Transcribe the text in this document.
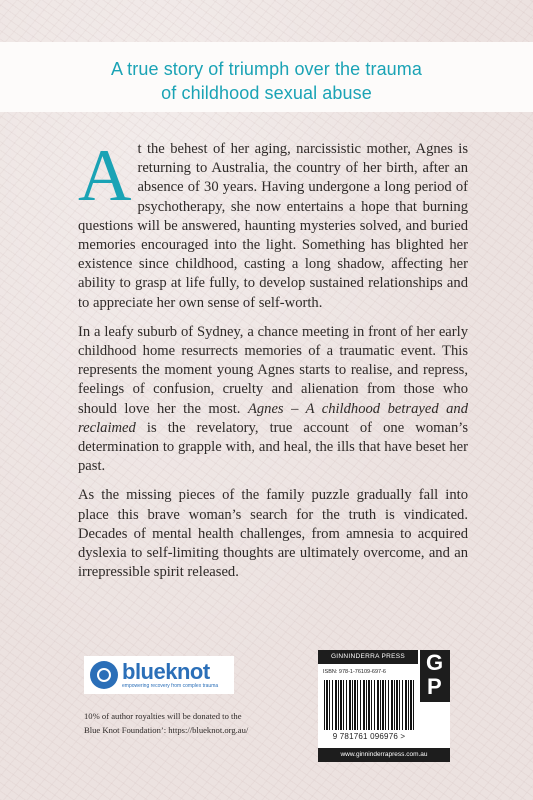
A true story of triumph over the trauma

of childhood sexual abuse

At the behest of her aging, narcissistic mother, Agnes is returning to Australia, the country of her birth, after an absence of 30 years. Having undergone a long period of psychotherapy, she now entertains a hope that burning questions will be answered, haunting mysteries solved, and buried memories encouraged into the light. Something has blighted her existence since childhood, casting a long shadow, affecting her ability to grasp at life fully, to develop sustained relationships and to appreciate her own sense of self-worth.

In a leafy suburb of Sydney, a chance meeting in front of her early childhood home resurrects memories of a traumatic event. This represents the moment young Agnes starts to realise, and repress, feelings of confusion, cruelty and alienation from those who should love her the most. Agnes – A childhood betrayed and reclaimed is the revelatory, true account of one woman’s determination to grapple with, and heal, the ills that have beset her past.

As the missing pieces of the family puzzle gradually fall into place this brave woman’s search for the truth is vindicated. Decades of mental health challenges, from amnesia to acquired dyslexia to self-limiting thoughts are ultimately overcome, and an irrepressible spirit released.

blueknot
empowering recovery from complex trauma
10% of author royalties will be donated to the
Blue Knot Foundation’: https://blueknot.org.au/
GINNINDERRA PRESS
ISBN: 978-1-76109-697-6
9 781761 096976 >
G
P
www.ginninderrapress.com.au
